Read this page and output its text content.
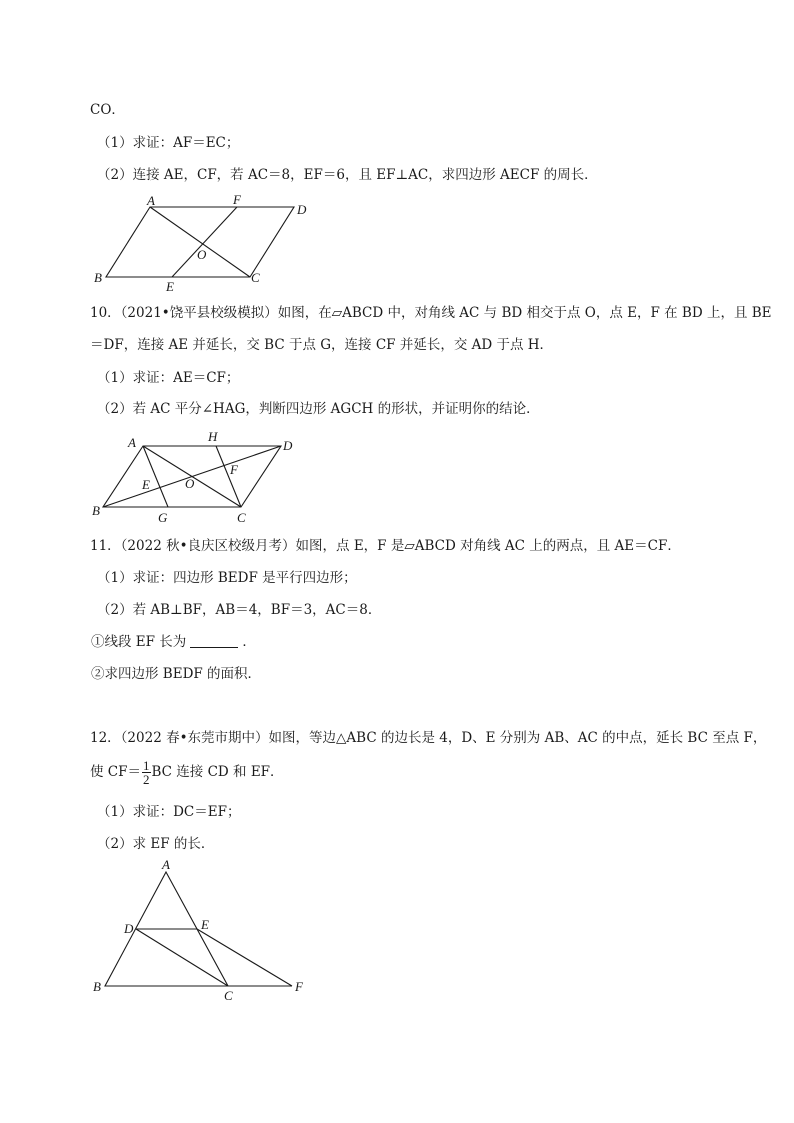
CO．
（1）求证：AF＝EC；
（2）连接 AE，CF，若 AC＝8，EF＝6，且 EF⊥AC，求四边形 AECF 的周长．
A	F
D
O
B
E
C
A	H
D
F
E	O
B	G	C
A
D	E
B
C
F
10．（2021•饶平县校级模拟）如图，在▱ABCD 中，对角线 AC 与 BD 相交于点 O，点 E，F 在 BD 上，且 BE
＝DF，连接 AE 并延长，交 BC 于点 G，连接 CF 并延长，交 AD 于点 H．
（1）求证：AE＝CF；
（2）若 AC 平分∠HAG，判断四边形 AGCH 的形状，并证明你的结论．
11．（2022 秋•良庆区校级月考）如图，点 E，F 是▱ABCD 对角线 AC 上的两点，且 AE＝CF．
（1）求证：四边形 BEDF 是平行四边形；
（2）若 AB⊥BF，AB＝4，BF＝3，AC＝8．
①线段 EF 长为	．
②求四边形 BEDF 的面积．
12．（2022 春•东莞市期中）如图，等边△ABC 的边长是 4，D、E 分别为 AB、AC 的中点，延长 BC 至点 F，
使 $CF= \frac{1}{2}$ BC 连接 CD 和 EF．
（1）求证：DC＝EF；
（2）求 EF 的长．
